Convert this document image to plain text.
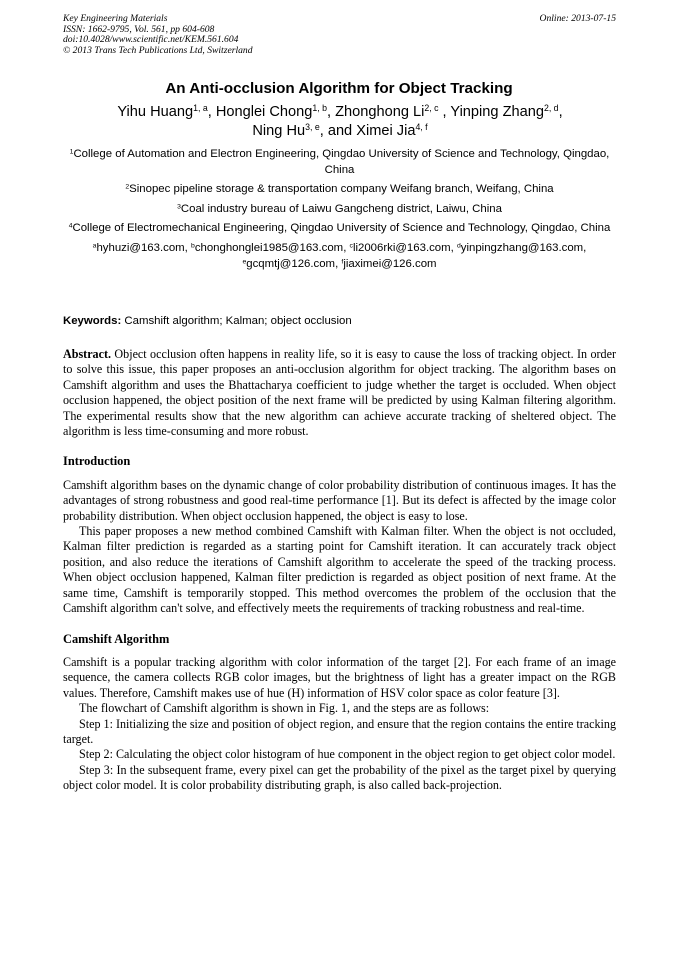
Key Engineering Materials
ISSN: 1662-9795, Vol. 561, pp 604-608
doi:10.4028/www.scientific.net/KEM.561.604
© 2013 Trans Tech Publications Ltd, Switzerland
Online: 2013-07-15
An Anti-occlusion Algorithm for Object Tracking
Yihu Huang$^{1, a}$, Honglei Chong$^{1, b}$, Zhonghong Li$^{2, c}$ , Yinping Zhang$^{2, d}$,
Ning Hu$^{3, e}$, and Ximei Jia$^{4, f}$
$^1$College of Automation and Electron Engineering, Qingdao University of Science and Technology, Qingdao, China
$^2$Sinopec pipeline storage & transportation company Weifang branch, Weifang, China
$^3$Coal industry bureau of Laiwu Gangcheng district, Laiwu, China
$^4$College of Electromechanical Engineering, Qingdao University of Science and Technology, Qingdao, China
$^a$hyhuzi@163.com, $^b$chonghonglei1985@163.com, $^c$li2006rki@163.com, $^d$yinpingzhang@163.com,
$^e$gcqmtj@126.com, $^f$jiaximei@126.com
Keywords: Camshift algorithm; Kalman; object occlusion

Abstract. Object occlusion often happens in reality life, so it is easy to cause the loss of tracking object. In order to solve this issue, this paper proposes an anti-occlusion algorithm for object tracking. The algorithm bases on Camshift algorithm and uses the Bhattacharya coefficient to judge whether the target is occluded. When object occlusion happened, the object position of the next frame will be predicted by using Kalman filtering algorithm. The experimental results show that the new algorithm can achieve accurate tracking of sheltered object. The algorithm is less time-consuming and more robust.

Introduction

Camshift algorithm bases on the dynamic change of color probability distribution of continuous images. It has the advantages of strong robustness and good real-time performance [1]. But its defect is affected by the image color probability distribution. When object occlusion happened, the object is easy to lose.

This paper proposes a new method combined Camshift with Kalman filter. When the object is not occluded, Kalman filter prediction is regarded as a starting point for Camshift iteration. It can accurately track object position, and also reduce the iterations of Camshift algorithm to accelerate the speed of the tracking process. When object occlusion happened, Kalman filter prediction is regarded as object position of next frame. At the same time, Camshift is temporarily stopped. This method overcomes the problem of the occlusion that the Camshift algorithm can't solve, and effectively meets the requirements of tracking robustness and real-time.

Camshift Algorithm

Camshift is a popular tracking algorithm with color information of the target [2]. For each frame of an image sequence, the camera collects RGB color images, but the brightness of light has a greater impact on the RGB values. Therefore, Camshift makes use of hue (H) information of HSV color space as color feature [3].

The flowchart of Camshift algorithm is shown in Fig. 1, and the steps are as follows:

Step 1: Initializing the size and position of object region, and ensure that the region contains the entire tracking target.

Step 2: Calculating the object color histogram of hue component in the object region to get object color model.

Step 3: In the subsequent frame, every pixel can get the probability of the pixel as the target pixel by querying object color model. It is color probability distributing graph, is also called back-projection.
